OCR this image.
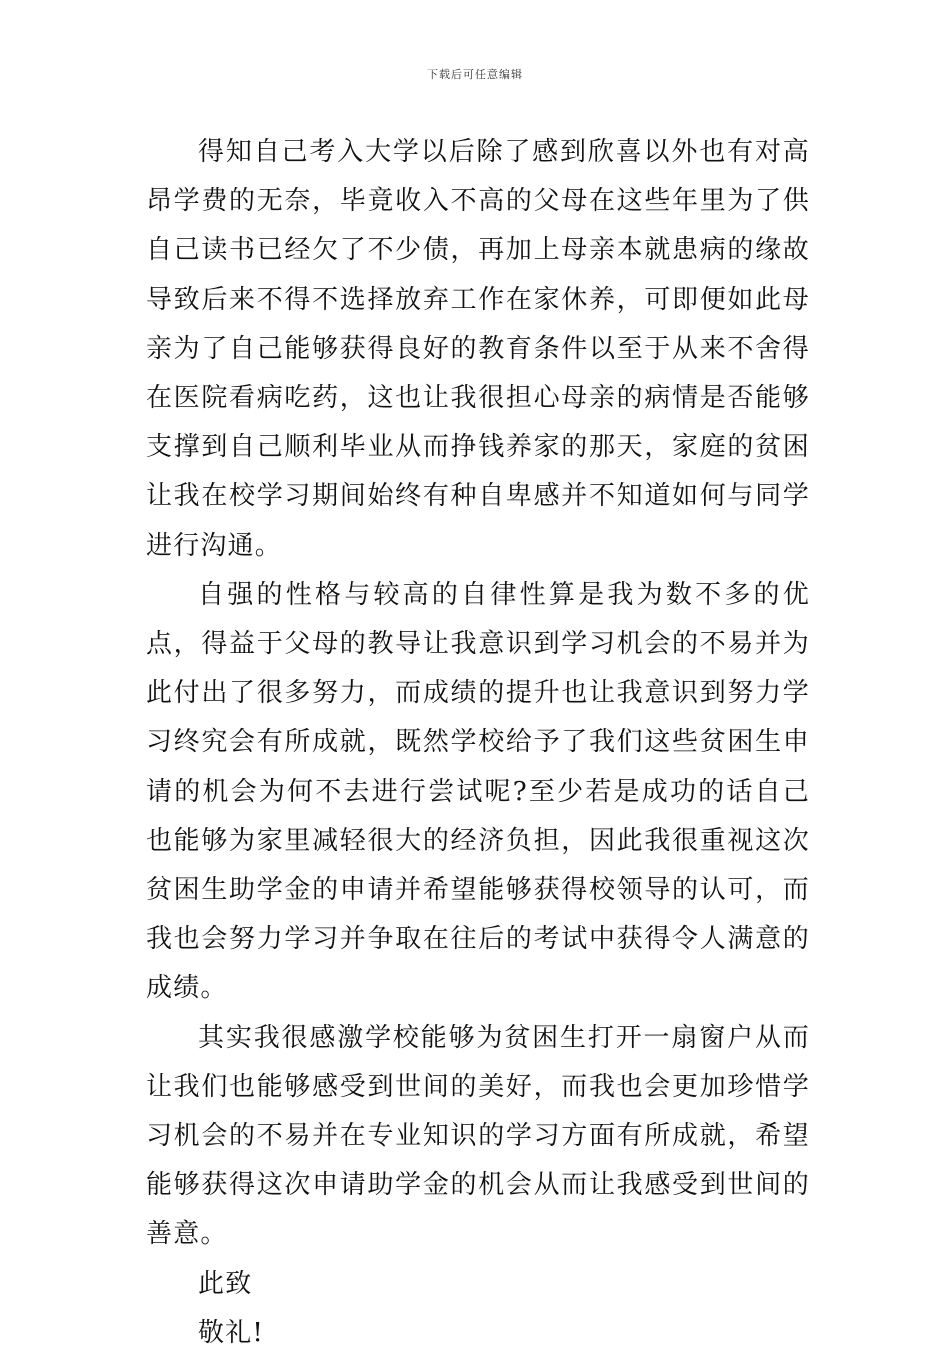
下载后可任意编辑

得知自己考入大学以后除了感到欣喜以外也有对高昂学费的无奈，毕竟收入不高的父母在这些年里为了供自己读书已经欠了不少债，再加上母亲本就患病的缘故导致后来不得不选择放弃工作在家休养，可即便如此母亲为了自己能够获得良好的教育条件以至于从来不舍得在医院看病吃药，这也让我很担心母亲的病情是否能够支撑到自己顺利毕业从而挣钱养家的那天，家庭的贫困让我在校学习期间始终有种自卑感并不知道如何与同学进行沟通。

自强的性格与较高的自律性算是我为数不多的优点，得益于父母的教导让我意识到学习机会的不易并为此付出了很多努力，而成绩的提升也让我意识到努力学习终究会有所成就，既然学校给予了我们这些贫困生申请的机会为何不去进行尝试呢?至少若是成功的话自己也能够为家里减轻很大的经济负担，因此我很重视这次贫困生助学金的申请并希望能够获得校领导的认可，而我也会努力学习并争取在往后的考试中获得令人满意的成绩。

其实我很感激学校能够为贫困生打开一扇窗户从而让我们也能够感受到世间的美好，而我也会更加珍惜学习机会的不易并在专业知识的学习方面有所成就，希望能够获得这次申请助学金的机会从而让我感受到世间的善意。

此致

敬礼!
